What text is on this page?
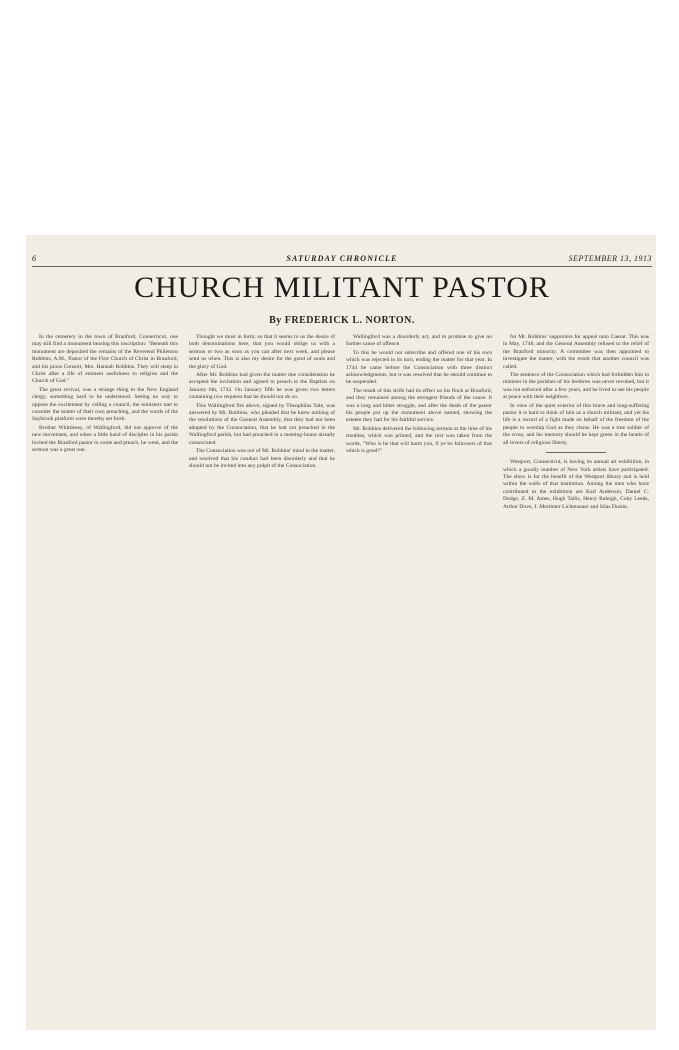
6	SATURDAY CHRONICLE	SEPTEMBER 13, 1913
CHURCH MILITANT PASTOR
By FREDERICK L. NORTON.

In the cemetery in the town of Branford, Connecticut, one may still find a monument bearing this inscription: "Beneath this monument are deposited the remains of the Reverend Philemon Robbins, A.M., Pastor of the First Church of Christ in Branford, and his pious Consort, Mrs. Hannah Robbins. They will sleep in Christ after a life of eminent usefulness to religion and the Church of God."

The great revival, was a strange thing to the New England clergy, something hard to be understood. Seeing no way to oppose the excitement by calling a council, the ministers met to consider the matter of their own preaching, and the words of the Saybrook platform were thereby set forth.

Brother Whittlesey, of Wallingford, did not approve of the new movement, and when a little band of disciples in his parish invited the Branford pastor to come and preach, he went, and the sermon was a great one.

Thought we must in form; so that it seems to us the desire of both denominations here, that you would oblige us with a sermon or two as soon as you can after next week, and please send us when. This is also my desire for the good of souls and the glory of God.

After Mr. Robbins had given the matter due consideration he accepted the invitation and agreed to preach to the Baptists on January 6th, 1742. On January fifth he was given two letters containing two requests that he should not do so.

This Wallingford fire above, signed by Theophilus Yale, was answered by Mr. Robbins, who pleaded that he knew nothing of the resolutions of the General Assembly, that they had not been adopted by the Consociation, that he had not preached in the Wallingford parish, but had preached in a meeting-house already consecrated.

The Consociation was not of Mr. Robbins' mind in the matter, and resolved that his conduct had been disorderly and that he should not be invited into any pulpit of the Consociation.

Wallingford was a disorderly act, and to promise to give no further cause of offence.

To this he would not subscribe and offered one of his own which was rejected in its turn, ending the matter for that year. In 1744 he came before the Consociation with three distinct acknowledgments, but it was resolved that he should continue to be suspended.

The result of this strife had its effect on his flock at Branford, and they remained among the strongest friends of the cause. It was a long and bitter struggle, and after the death of the pastor his people put up the monument above named, showing the esteem they had for his faithful service.

Mr. Robbins delivered the following sermon at the time of his troubles, which was printed, and the text was taken from the words, "Who is he that will harm you, if ye be followers of that which is good?"

for Mr. Robbins' supporters for appeal unto Caesar. This was in May, 1748, and the General Assembly refused to the relief of the Branford minority. A committee was then appointed to investigate the matter, with the result that another council was called.

The sentence of the Consociation which had forbidden him to minister in the parishes of his brethren was never revoked, but it was not enforced after a few years, and he lived to see his people at peace with their neighbors.

In view of the quiet exterior of this brave and long-suffering pastor it is hard to think of him as a church militant, and yet his life is a record of a fight made on behalf of the freedom of the people to worship God as they chose. He was a true soldier of the cross, and his memory should be kept green in the hearts of all lovers of religious liberty.

Westport, Connecticut, is having its annual art exhibition, in which a goodly number of New York artists have participated. The show is for the benefit of the Westport library and is held within the walls of that institution. Among the men who have contributed to the exhibition are Karl Anderson, Daniel C. Dodge, Z. M. Ames, Hugh Tallis, Henry Raleigh, Coby Leeds, Arthur Dove, J. Mortimer Lichtenauer and Silas Dustin.
